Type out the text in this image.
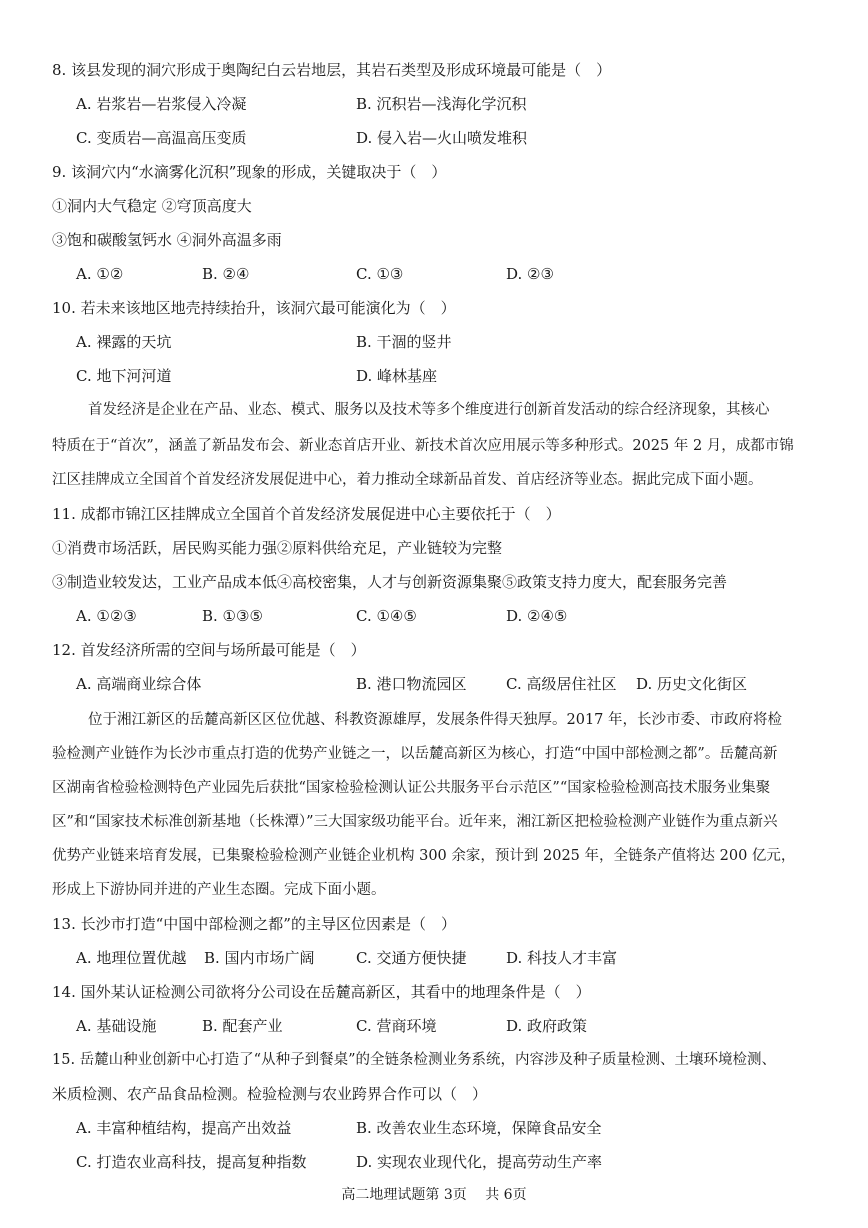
8. 该县发现的洞穴形成于奥陶纪白云岩地层，其岩石类型及形成环境最可能是（　）
A. 岩浆岩—岩浆侵入冷凝	B. 沉积岩—浅海化学沉积
C. 变质岩—高温高压变质	D. 侵入岩—火山喷发堆积
9. 该洞穴内“水滴雾化沉积”现象的形成，关键取决于（　）
①洞内大气稳定 ②穹顶高度大
③饱和碳酸氢钙水 ④洞外高温多雨
A. ①②	B. ②④	C. ①③	D. ②③
10. 若未来该地区地壳持续抬升，该洞穴最可能演化为（　）
A. 裸露的天坑	B. 干涸的竖井
C. 地下河河道	D. 峰林基座
首发经济是企业在产品、业态、模式、服务以及技术等多个维度进行创新首发活动的综合经济现象，其核心
特质在于“首次”，涵盖了新品发布会、新业态首店开业、新技术首次应用展示等多种形式。2025 年 2 月，成都市锦
江区挂牌成立全国首个首发经济发展促进中心，着力推动全球新品首发、首店经济等业态。据此完成下面小题。
11. 成都市锦江区挂牌成立全国首个首发经济发展促进中心主要依托于（　）
①消费市场活跃，居民购买能力强②原料供给充足，产业链较为完整
③制造业较发达，工业产品成本低④高校密集，人才与创新资源集聚⑤政策支持力度大，配套服务完善
A. ①②③	B. ①③⑤	C. ①④⑤	D. ②④⑤
12. 首发经济所需的空间与场所最可能是（　）
A. 高端商业综合体	B. 港口物流园区	C. 高级居住社区 D. 历史文化街区
位于湘江新区的岳麓高新区区位优越、科教资源雄厚，发展条件得天独厚。2017 年，长沙市委、市政府将检
验检测产业链作为长沙市重点打造的优势产业链之一，以岳麓高新区为核心，打造“中国中部检测之都”。岳麓高新
区湖南省检验检测特色产业园先后获批“国家检验检测认证公共服务平台示范区”“国家检验检测高技术服务业集聚
区”和“国家技术标准创新基地（长株潭）”三大国家级功能平台。近年来，湘江新区把检验检测产业链作为重点新兴
优势产业链来培育发展，已集聚检验检测产业链企业机构 300 余家，预计到 2025 年，全链条产值将达 200 亿元，
形成上下游协同并进的产业生态圈。完成下面小题。
13. 长沙市打造“中国中部检测之都”的主导区位因素是（　）
A. 地理位置优越 B. 国内市场广阔	C. 交通方便快捷	D. 科技人才丰富
14. 国外某认证检测公司欲将分公司设在岳麓高新区，其看中的地理条件是（　）
A. 基础设施	B. 配套产业	C. 营商环境	D. 政府政策
15. 岳麓山种业创新中心打造了“从种子到餐桌”的全链条检测业务系统，内容涉及种子质量检测、土壤环境检测、
米质检测、农产品食品检测。检验检测与农业跨界合作可以（　）
A. 丰富种植结构，提高产出效益	B. 改善农业生态环境，保障食品安全
C. 打造农业高科技，提高复种指数	D. 实现农业现代化，提高劳动生产率
高二地理试题第 3页　 共 6页
